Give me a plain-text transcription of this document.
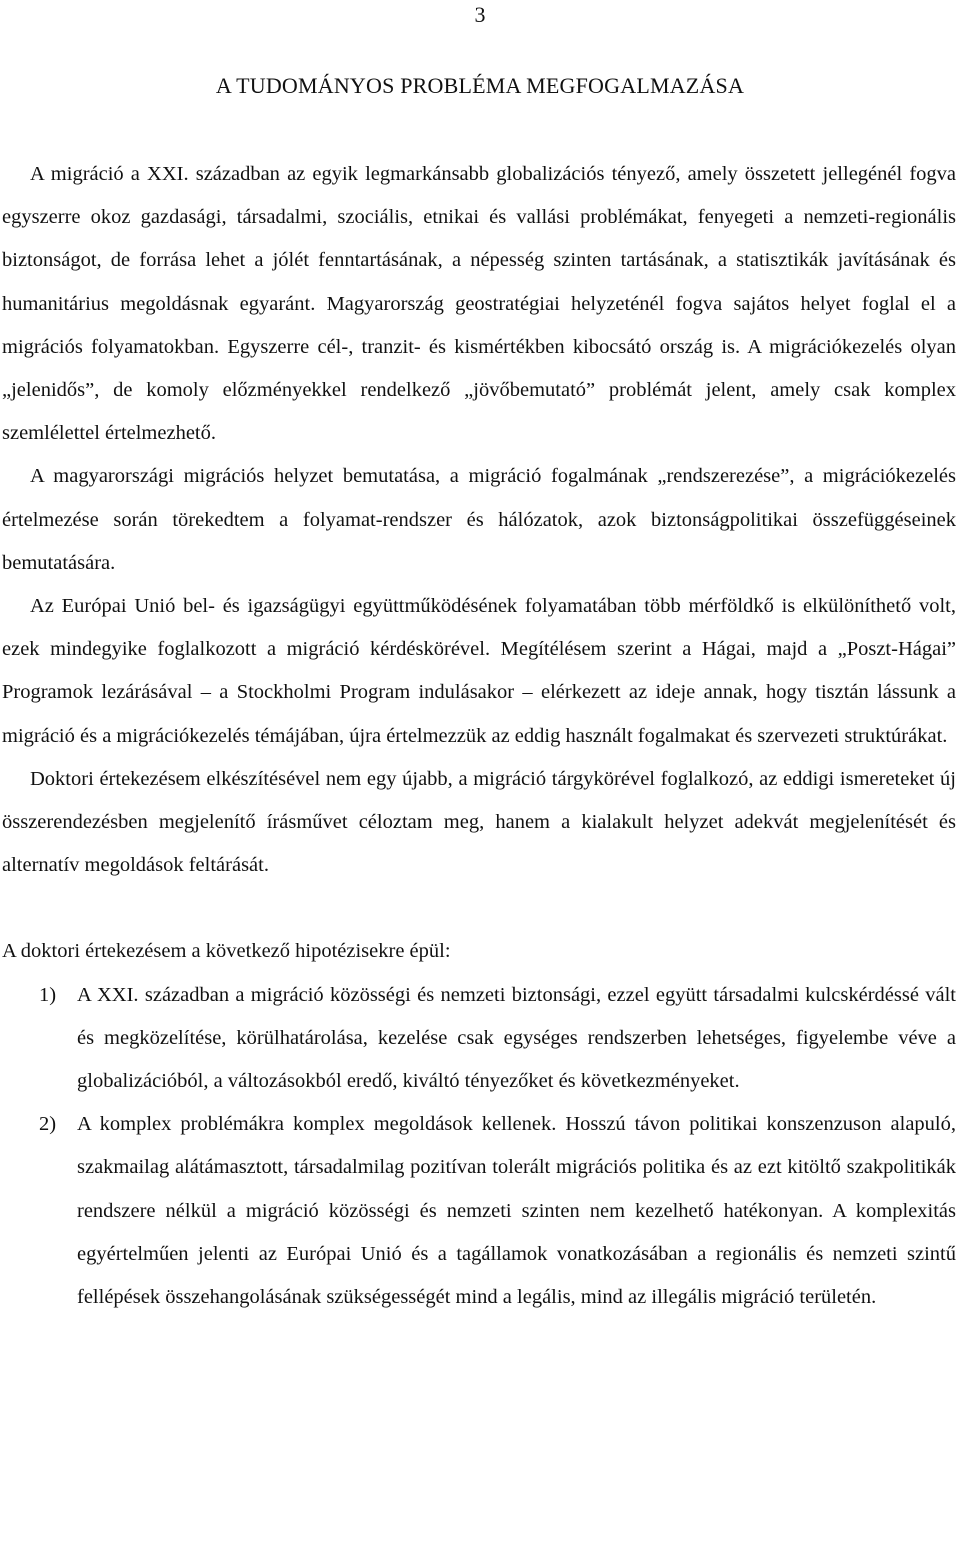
3
A TUDOMÁNYOS PROBLÉMA MEGFOGALMAZÁSA

A migráció a XXI. században az egyik legmarkánsabb globalizációs tényező, amely összetett jellegénél fogva egyszerre okoz gazdasági, társadalmi, szociális, etnikai és vallási problémákat, fenyegeti a nemzeti-regionális biztonságot, de forrása lehet a jólét fenntartásának, a népesség szinten tartásának, a statisztikák javításának és humanitárius megoldásnak egyaránt. Magyarország geostratégiai helyzeténél fogva sajátos helyet foglal el a migrációs folyamatokban. Egyszerre cél-, tranzit- és kismértékben kibocsátó ország is. A migrációkezelés olyan „jelenidős”, de komoly előzményekkel rendelkező „jövőbemutató” problémát jelent, amely csak komplex szemlélettel értelmezhető.

A magyarországi migrációs helyzet bemutatása, a migráció fogalmának „rendszerezése”, a migrációkezelés értelmezése során törekedtem a folyamat-rendszer és hálózatok, azok biztonságpolitikai összefüggéseinek bemutatására.

Az Európai Unió bel- és igazságügyi együttműködésének folyamatában több mérföldkő is elkülöníthető volt, ezek mindegyike foglalkozott a migráció kérdéskörével. Megítélésem szerint a Hágai, majd a „Poszt-Hágai” Programok lezárásával – a Stockholmi Program indulásakor – elérkezett az ideje annak, hogy tisztán lássunk a migráció és a migrációkezelés témájában, újra értelmezzük az eddig használt fogalmakat és szervezeti struktúrákat.

Doktori értekezésem elkészítésével nem egy újabb, a migráció tárgykörével foglalkozó, az eddigi ismereteket új összerendezésben megjelenítő írásművet céloztam meg, hanem a kialakult helyzet adekvát megjelenítését és alternatív megoldások feltárását.

A doktori értekezésem a következő hipotézisekre épül:

1) A XXI. században a migráció közösségi és nemzeti biztonsági, ezzel együtt társadalmi kulcskérdéssé vált és megközelítése, körülhatárolása, kezelése csak egységes rendszerben lehetséges, figyelembe véve a globalizációból, a változásokból eredő, kiváltó tényezőket és következményeket.
2) A komplex problémákra komplex megoldások kellenek. Hosszú távon politikai konszenzuson alapuló, szakmailag alátámasztott, társadalmilag pozitívan tolerált migrációs politika és az ezt kitöltő szakpolitikák rendszere nélkül a migráció közösségi és nemzeti szinten nem kezelhető hatékonyan. A komplexitás egyértelműen jelenti az Európai Unió és a tagállamok vonatkozásában a regionális és nemzeti szintű fellépések összehangolásának szükségességét mind a legális, mind az illegális migráció területén.
